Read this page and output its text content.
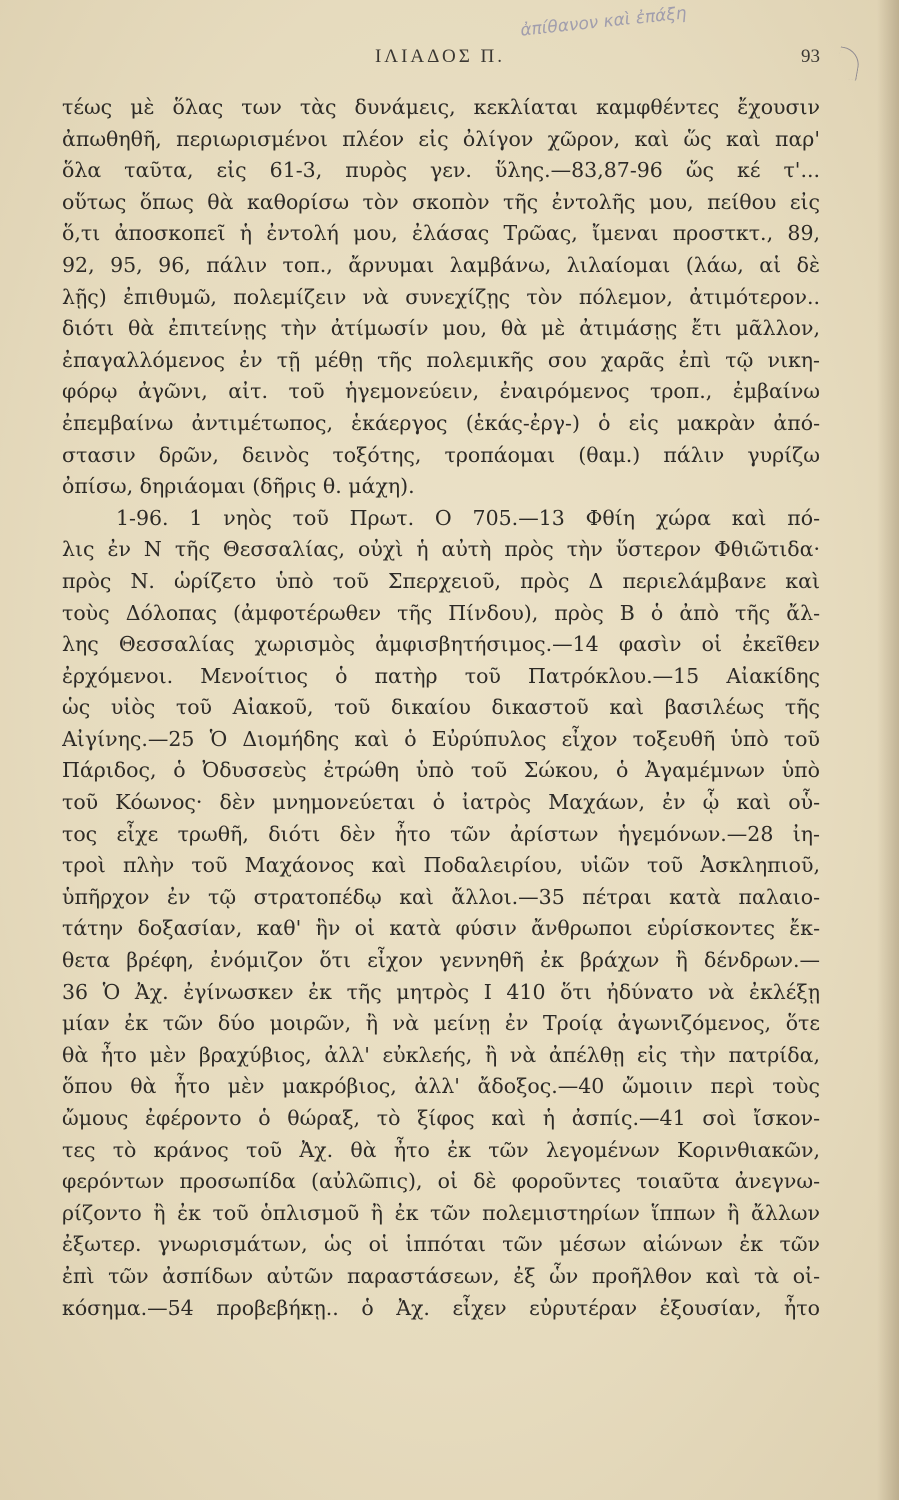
ἀπίθανον καὶ ἐπάξη
ΙΛΙΑΔΟΣ Π.	93
τέως μὲ ὅλας των τὰς δυνάμεις, κεκλίαται καμφθέντες ἔχουσιν
ἀπωθηθῆ, περιωρισμένοι πλέον εἰς ὀλίγον χῶρον, καὶ ὥς καὶ παρ'
ὅλα ταῦτα, εἰς 61-3, πυρὸς γεν. ὕλης.—83,87-96 ὥς κέ τ'...
οὕτως ὅπως θὰ καθορίσω τὸν σκοπὸν τῆς ἐντολῆς μου, πείθου εἰς
ὅ,τι ἀποσκοπεῖ ἡ ἐντολή μου, ἐλάσας Τρῶας, ἴμεναι προστκτ., 89,
92, 95, 96, πάλιν τοπ., ἄρνυμαι λαμβάνω, λιλαίομαι (λάω, αἱ δὲ
λῇς) ἐπιθυμῶ, πολεμίζειν νὰ συνεχίζῃς τὸν πόλεμον, ἀτιμότερον..
διότι θὰ ἐπιτείνῃς τὴν ἀτίμωσίν μου, θὰ μὲ ἀτιμάσῃς ἔτι μᾶλλον,
ἐπαγαλλόμενος ἐν τῇ μέθῃ τῆς πολεμικῆς σου χαρᾶς ἐπὶ τῷ νικη-
φόρῳ ἀγῶνι, αἰτ. τοῦ ἡγεμονεύειν, ἐναιρόμενος τροπ., ἐμβαίνω
ἐπεμβαίνω ἀντιμέτωπος, ἑκάεργος (ἑκάς-ἐργ-) ὁ εἰς μακρὰν ἀπό-
στασιν δρῶν, δεινὸς τοξότης, τροπάομαι (θαμ.) πάλιν γυρίζω
ὀπίσω, δηριάομαι (δῆρις θ. μάχη).
1-96. 1 νηὸς τοῦ Πρωτ. Ο 705.—13 Φθίη χώρα καὶ πό-
λις ἐν Ν τῆς Θεσσαλίας, οὐχὶ ἡ αὐτὴ πρὸς τὴν ὕστερον Φθιῶτιδα·
πρὸς Ν. ὡρίζετο ὑπὸ τοῦ Σπερχειοῦ, πρὸς Δ περιελάμβανε καὶ
τοὺς Δόλοπας (ἀμφοτέρωθεν τῆς Πίνδου), πρὸς Β ὁ ἀπὸ τῆς ἄλ-
λης Θεσσαλίας χωρισμὸς ἀμφισβητήσιμος.—14 φασὶν οἱ ἐκεῖθεν
ἐρχόμενοι. Μενοίτιος ὁ πατὴρ τοῦ Πατρόκλου.—15 Αἰακίδης
ὡς υἱὸς τοῦ Αἰακοῦ, τοῦ δικαίου δικαστοῦ καὶ βασιλέως τῆς
Αἰγίνης.—25 Ὁ Διομήδης καὶ ὁ Εὐρύπυλος εἶχον τοξευθῆ ὑπὸ τοῦ
Πάριδος, ὁ Ὀδυσσεὺς ἐτρώθη ὑπὸ τοῦ Σώκου, ὁ Ἀγαμέμνων ὑπὸ
τοῦ Κόωνος· δὲν μνημονεύεται ὁ ἰατρὸς Μαχάων, ἐν ᾧ καὶ οὗ-
τος εἶχε τρωθῆ, διότι δὲν ἦτο τῶν ἀρίστων ἡγεμόνων.—28 ἰη-
τροὶ πλὴν τοῦ Μαχάονος καὶ Ποδαλειρίου, υἱῶν τοῦ Ἀσκληπιοῦ,
ὑπῆρχον ἐν τῷ στρατοπέδῳ καὶ ἄλλοι.—35 πέτραι κατὰ παλαιο-
τάτην δοξασίαν, καθ' ἣν οἱ κατὰ φύσιν ἄνθρωποι εὑρίσκοντες ἔκ-
θετα βρέφη, ἐνόμιζον ὅτι εἶχον γεννηθῆ ἐκ βράχων ἢ δένδρων.—
36 Ὁ Ἀχ. ἐγίνωσκεν ἐκ τῆς μητρὸς Ι 410 ὅτι ἠδύνατο νὰ ἐκλέξῃ
μίαν ἐκ τῶν δύο μοιρῶν, ἢ νὰ μείνῃ ἐν Τροίᾳ ἀγωνιζόμενος, ὅτε
θὰ ἦτο μὲν βραχύβιος, ἀλλ' εὐκλεής, ἢ νὰ ἀπέλθῃ εἰς τὴν πατρίδα,
ὅπου θὰ ἦτο μὲν μακρόβιος, ἀλλ' ἄδοξος.—40 ὤμοιιν περὶ τοὺς
ὤμους ἐφέροντο ὁ θώραξ, τὸ ξίφος καὶ ἡ ἀσπίς.—41 σοὶ ἴσκον-
τες τὸ κράνος τοῦ Ἀχ. θὰ ἦτο ἐκ τῶν λεγομένων Κορινθιακῶν,
φερόντων προσωπίδα (αὐλῶπις), οἱ δὲ φοροῦντες τοιαῦτα ἀνεγνω-
ρίζοντο ἢ ἐκ τοῦ ὁπλισμοῦ ἢ ἐκ τῶν πολεμιστηρίων ἵππων ἢ ἄλλων
ἐξωτερ. γνωρισμάτων, ὡς οἱ ἱππόται τῶν μέσων αἰώνων ἐκ τῶν
ἐπὶ τῶν ἀσπίδων αὐτῶν παραστάσεων, ἐξ ὧν προῆλθον καὶ τὰ οἰ-
κόσημα.—54 προβεβήκῃ.. ὁ Ἀχ. εἶχεν εὐρυτέραν ἐξουσίαν, ἦτο
